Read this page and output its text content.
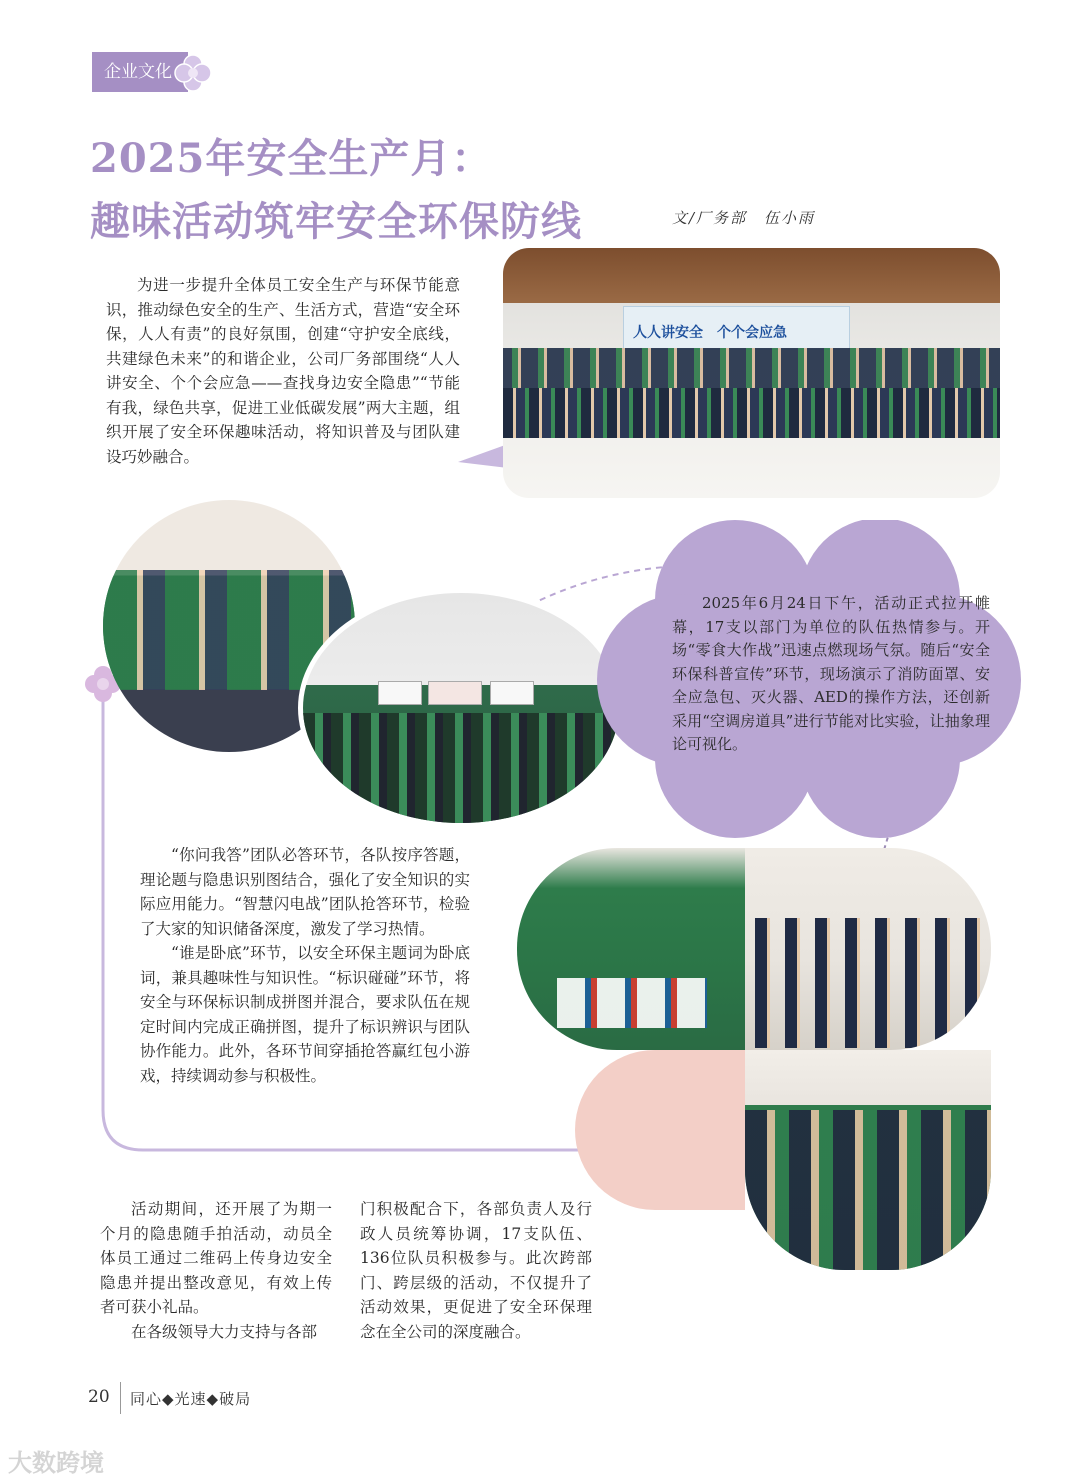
企业文化
2025年安全生产月：
趣味活动筑牢安全环保防线	文/厂务部　伍小雨

为进一步提升全体员工安全生产与环保节能意识，推动绿色安全的生产、生活方式，营造“安全环保，人人有责”的良好氛围，创建“守护安全底线，共建绿色未来”的和谐企业，公司厂务部围绕“人人讲安全、个个会应急——查找身边安全隐患”“节能有我，绿色共享，促进工业低碳发展”两大主题，组织开展了安全环保趣味活动，将知识普及与团队建设巧妙融合。

人人讲安全　个个会应急

2025年6月24日下午，活动正式拉开帷幕，17支以部门为单位的队伍热情参与。开场“零食大作战”迅速点燃现场气氛。随后“安全环保科普宣传”环节，现场演示了消防面罩、安全应急包、灭火器、AED的操作方法，还创新采用“空调房道具”进行节能对比实验，让抽象理论可视化。

“你问我答”团队必答环节，各队按序答题，理论题与隐患识别图结合，强化了安全知识的实际应用能力。“智慧闪电战”团队抢答环节，检验了大家的知识储备深度，激发了学习热情。

“谁是卧底”环节，以安全环保主题词为卧底词，兼具趣味性与知识性。“标识碰碰”环节，将安全与环保标识制成拼图并混合，要求队伍在规定时间内完成正确拼图，提升了标识辨识与团队协作能力。此外，各环节间穿插抢答赢红包小游戏，持续调动参与积极性。

活动期间，还开展了为期一个月的隐患随手拍活动，动员全体员工通过二维码上传身边安全隐患并提出整改意见，有效上传者可获小礼品。

在各级领导大力支持与各部

门积极配合下，各部负责人及行政人员统筹协调，17支队伍、136位队员积极参与。此次跨部门、跨层级的活动，不仅提升了活动效果，更促进了安全环保理念在全公司的深度融合。

20 同心◆光速◆破局
大数跨境
